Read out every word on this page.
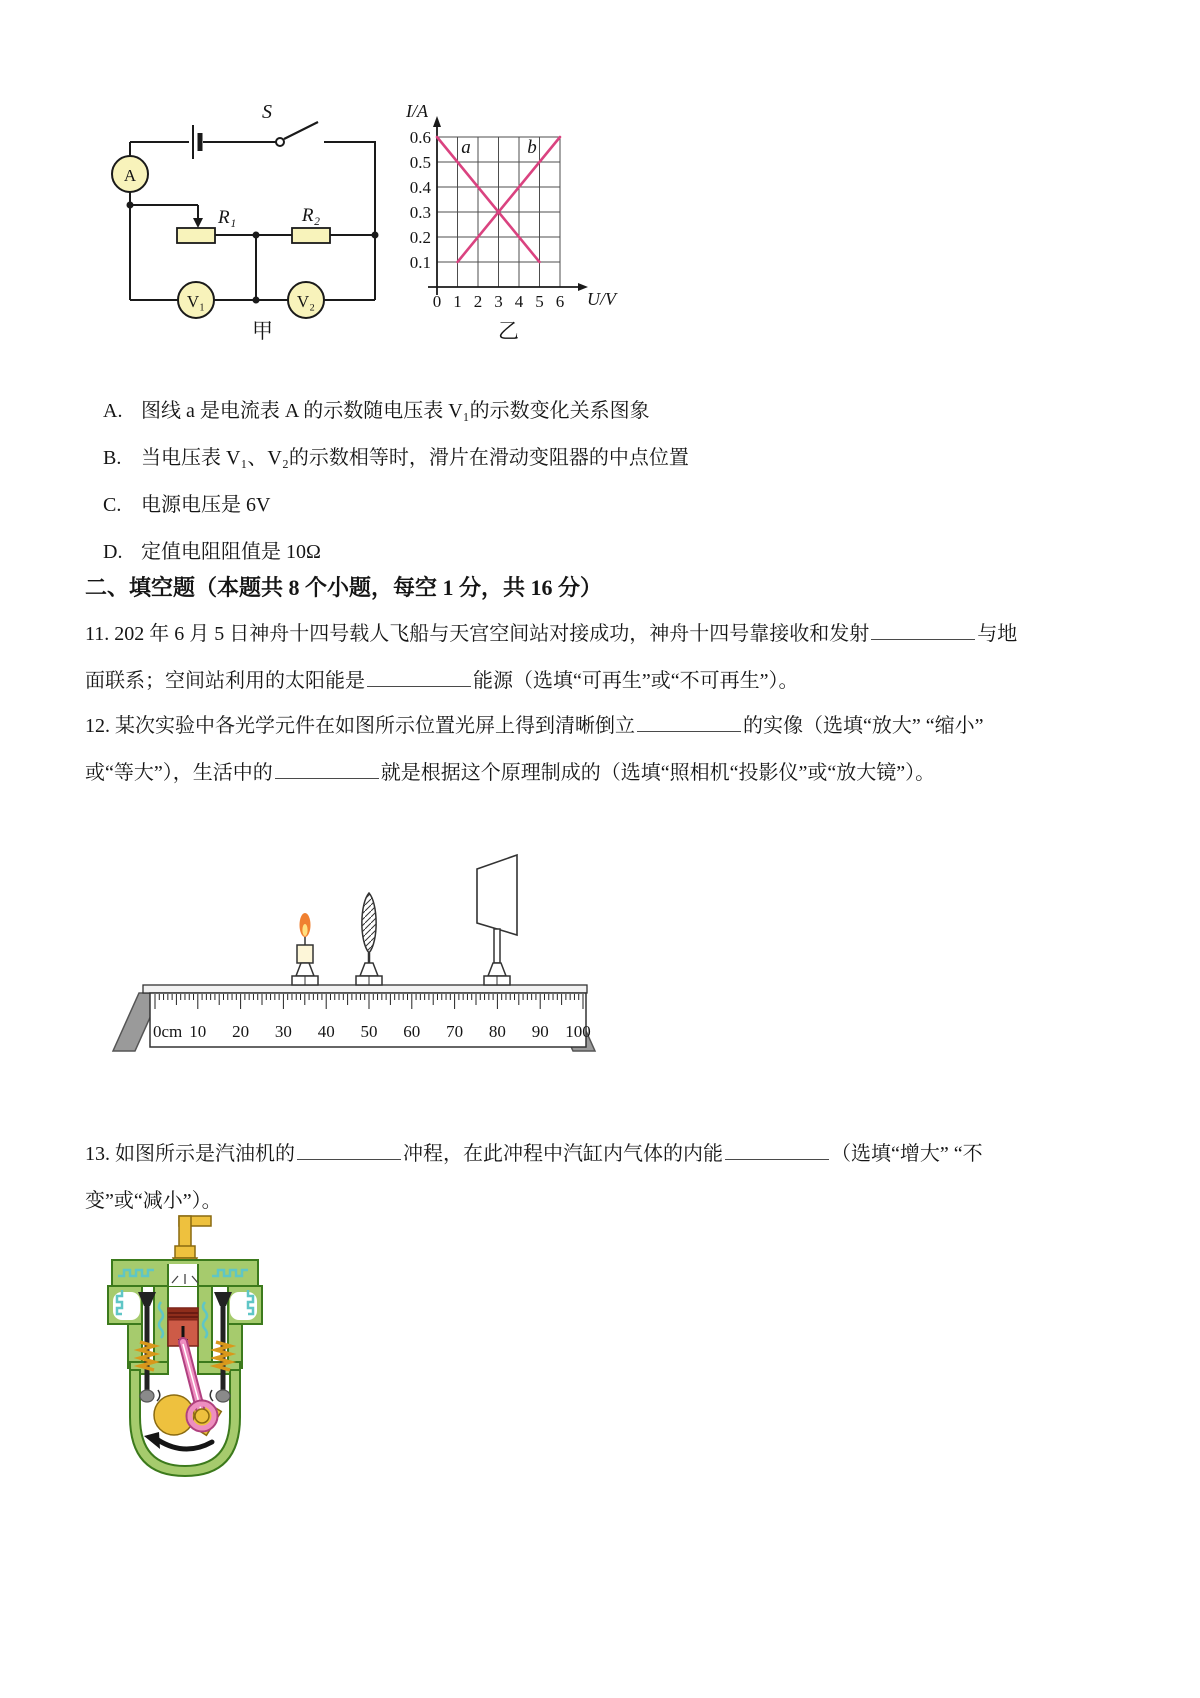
S
A
R₁	R₂
V₁	V₂
甲
a	b
I/A
U/V
0.1
0.2
0.3
0.4
0.5
0.6
0 1 2 3 4 5 6
乙
A. 图线 a 是电流表 A 的示数随电压表 V₁的示数变化关系图象
B. 当电压表 V₁、V₂的示数相等时，滑片在滑动变阻器的中点位置
C. 电源电压是 6V
D. 定值电阻阻值是 10Ω
二、填空题（本题共 8 个小题，每空 1 分，共 16 分）
11. 202 年 6 月 5 日神舟十四号载人飞船与天宫空间站对接成功，神舟十四号靠接收和发射	与地
面联系；空间站利用的太阳能是	能源（选填“可再生”或“不可再生”）。
12. 某次实验中各光学元件在如图所示位置光屏上得到清晰倒立	的实像（选填“放大” “缩小”
或“等大”），生活中的	就是根据这个原理制成的（选填“照相机“投影仪”或“放大镜”）。
0cm 10 20 30 40 50 60 70 80 90 100
13. 如图所示是汽油机的	冲程，在此冲程中汽缸内气体的内能	（选填“增大” “不
变”或“减小”）。
